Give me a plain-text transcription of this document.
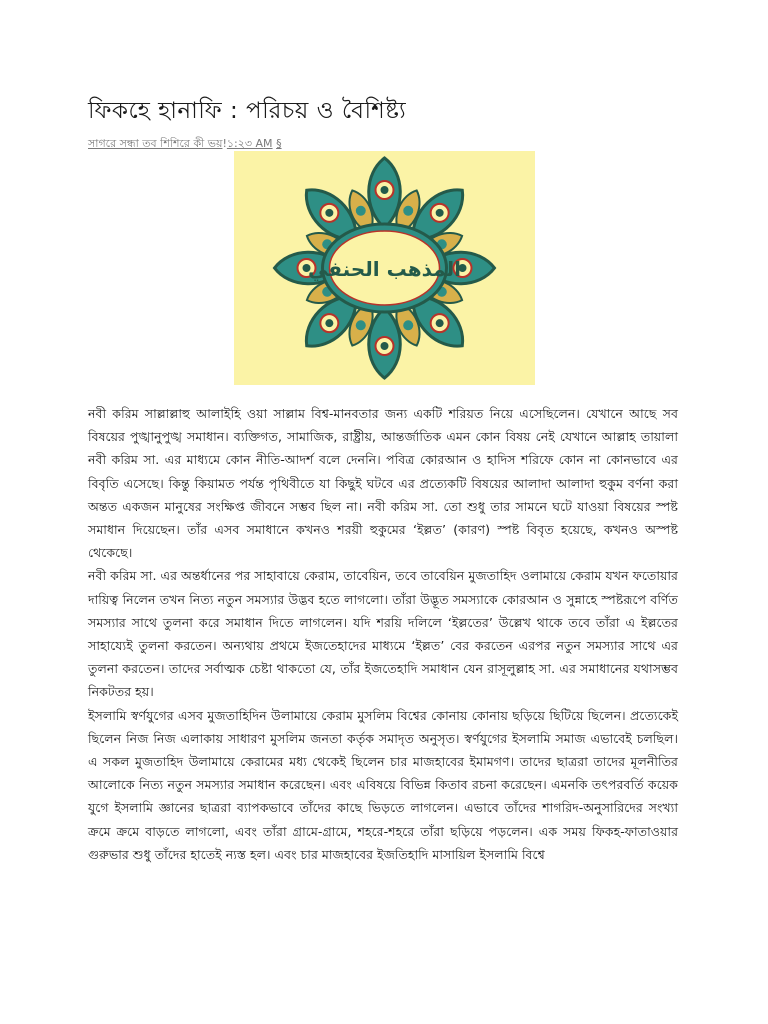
ফিকহে হানাফি : পরিচয় ও বৈশিষ্ট্য
সাগরে সন্ধা তব শিশিরে কী ভয়!১:২৩ AM §
المذهب الحنفي

নবী করিম সাল্লাল্লাহু আলাইহি ওয়া সাল্লাম বিশ্ব-মানবতার জন্য একটি শরিয়ত নিয়ে এসেছিলেন। যেখানে আছে সব বিষয়ের পুঙ্খানুপুঙ্খ সমাধান। ব্যক্তিগত, সামাজিক, রাষ্ট্রীয়, আন্তর্জাতিক এমন কোন বিষয় নেই যেখানে আল্লাহ তায়ালা নবী করিম সা. এর মাধ্যমে কোন নীতি-আদর্শ বলে দেননি। পবিত্র কোরআন ও হাদিস শরিফে কোন না কোনভাবে এর বিবৃতি এসেছে। কিন্তু কিয়ামত পর্যন্ত পৃথিবীতে যা কিছুই ঘটবে এর প্রত্যেকটি বিষয়ের আলাদা আলাদা হুকুম বর্ণনা করা অন্তত একজন মানুষের সংক্ষিপ্ত জীবনে সম্ভব ছিল না। নবী করিম সা. তো শুধু তার সামনে ঘটে যাওয়া বিষয়ের স্পষ্ট সমাধান দিয়েছেন। তাঁর এসব সমাধানে কখনও শরয়ী হুকুমের ‘ইল্লত’ (কারণ) স্পষ্ট বিবৃত হয়েছে, কখনও অস্পষ্ট থেকেছে।

নবী করিম সা. এর অন্তর্ধানের পর সাহাবায়ে কেরাম, তাবেয়িন, তবে তাবেয়িন মুজতাহিদ ওলামায়ে কেরাম যখন ফতোয়ার দায়িত্ব নিলেন তখন নিত্য নতুন সমস্যার উদ্ভব হতে লাগলো। তাঁরা উদ্ভূত সমস্যাকে কোরআন ও সুন্নাহে স্পষ্টরূপে বর্ণিত সমস্যার সাথে তুলনা করে সমাধান দিতে লাগলেন। যদি শরয়ি দলিলে ‘ইল্লতের’ উল্লেখ থাকে তবে তাঁরা এ ইল্লতের সাহায্যেই তুলনা করতেন। অন্যথায় প্রথমে ইজতেহাদের মাধ্যমে ‘ইল্লত’ বের করতেন এরপর নতুন সমস্যার সাথে এর তুলনা করতেন। তাদের সর্বাত্মক চেষ্টা থাকতো যে, তাঁর ইজতেহাদি সমাধান যেন রাসূলুল্লাহ সা. এর সমাধানের যথাসম্ভব নিকটতর হয়।

ইসলামি স্বর্ণযুগের এসব মুজতাহিদিন উলামায়ে কেরাম মুসলিম বিশ্বের কোনায় কোনায় ছড়িয়ে ছিটিয়ে ছিলেন। প্রত্যেকেই ছিলেন নিজ নিজ এলাকায় সাধারণ মুসলিম জনতা কর্তৃক সমাদৃত অনুসৃত। স্বর্ণযুগের ইসলামি সমাজ এভাবেই চলছিল। এ সকল মুজতাহিদ উলামায়ে কেরামের মধ্য থেকেই ছিলেন চার মাজহাবের ইমামগণ। তাদের ছাত্ররা তাদের মূলনীতির আলোকে নিত্য নতুন সমস্যার সমাধান করেছেন। এবং এবিষয়ে বিভিন্ন কিতাব রচনা করেছেন। এমনকি তৎপরবর্তি কয়েক যুগে ইসলামি জ্ঞানের ছাত্ররা ব্যাপকভাবে তাঁদের কাছে ভিড়তে লাগলেন। এভাবে তাঁদের শাগরিদ-অনুসারিদের সংখ্যা ক্রমে ক্রমে বাড়তে লাগলো, এবং তাঁরা গ্রামে-গ্রামে, শহরে-শহরে তাঁরা ছড়িয়ে পড়লেন। এক সময় ফিকহ-ফাতাওয়ার গুরুভার শুধু তাঁদের হাতেই ন্যস্ত হল। এবং চার মাজহাবের ইজতিহাদি মাসায়িল ইসলামি বিশ্বে
